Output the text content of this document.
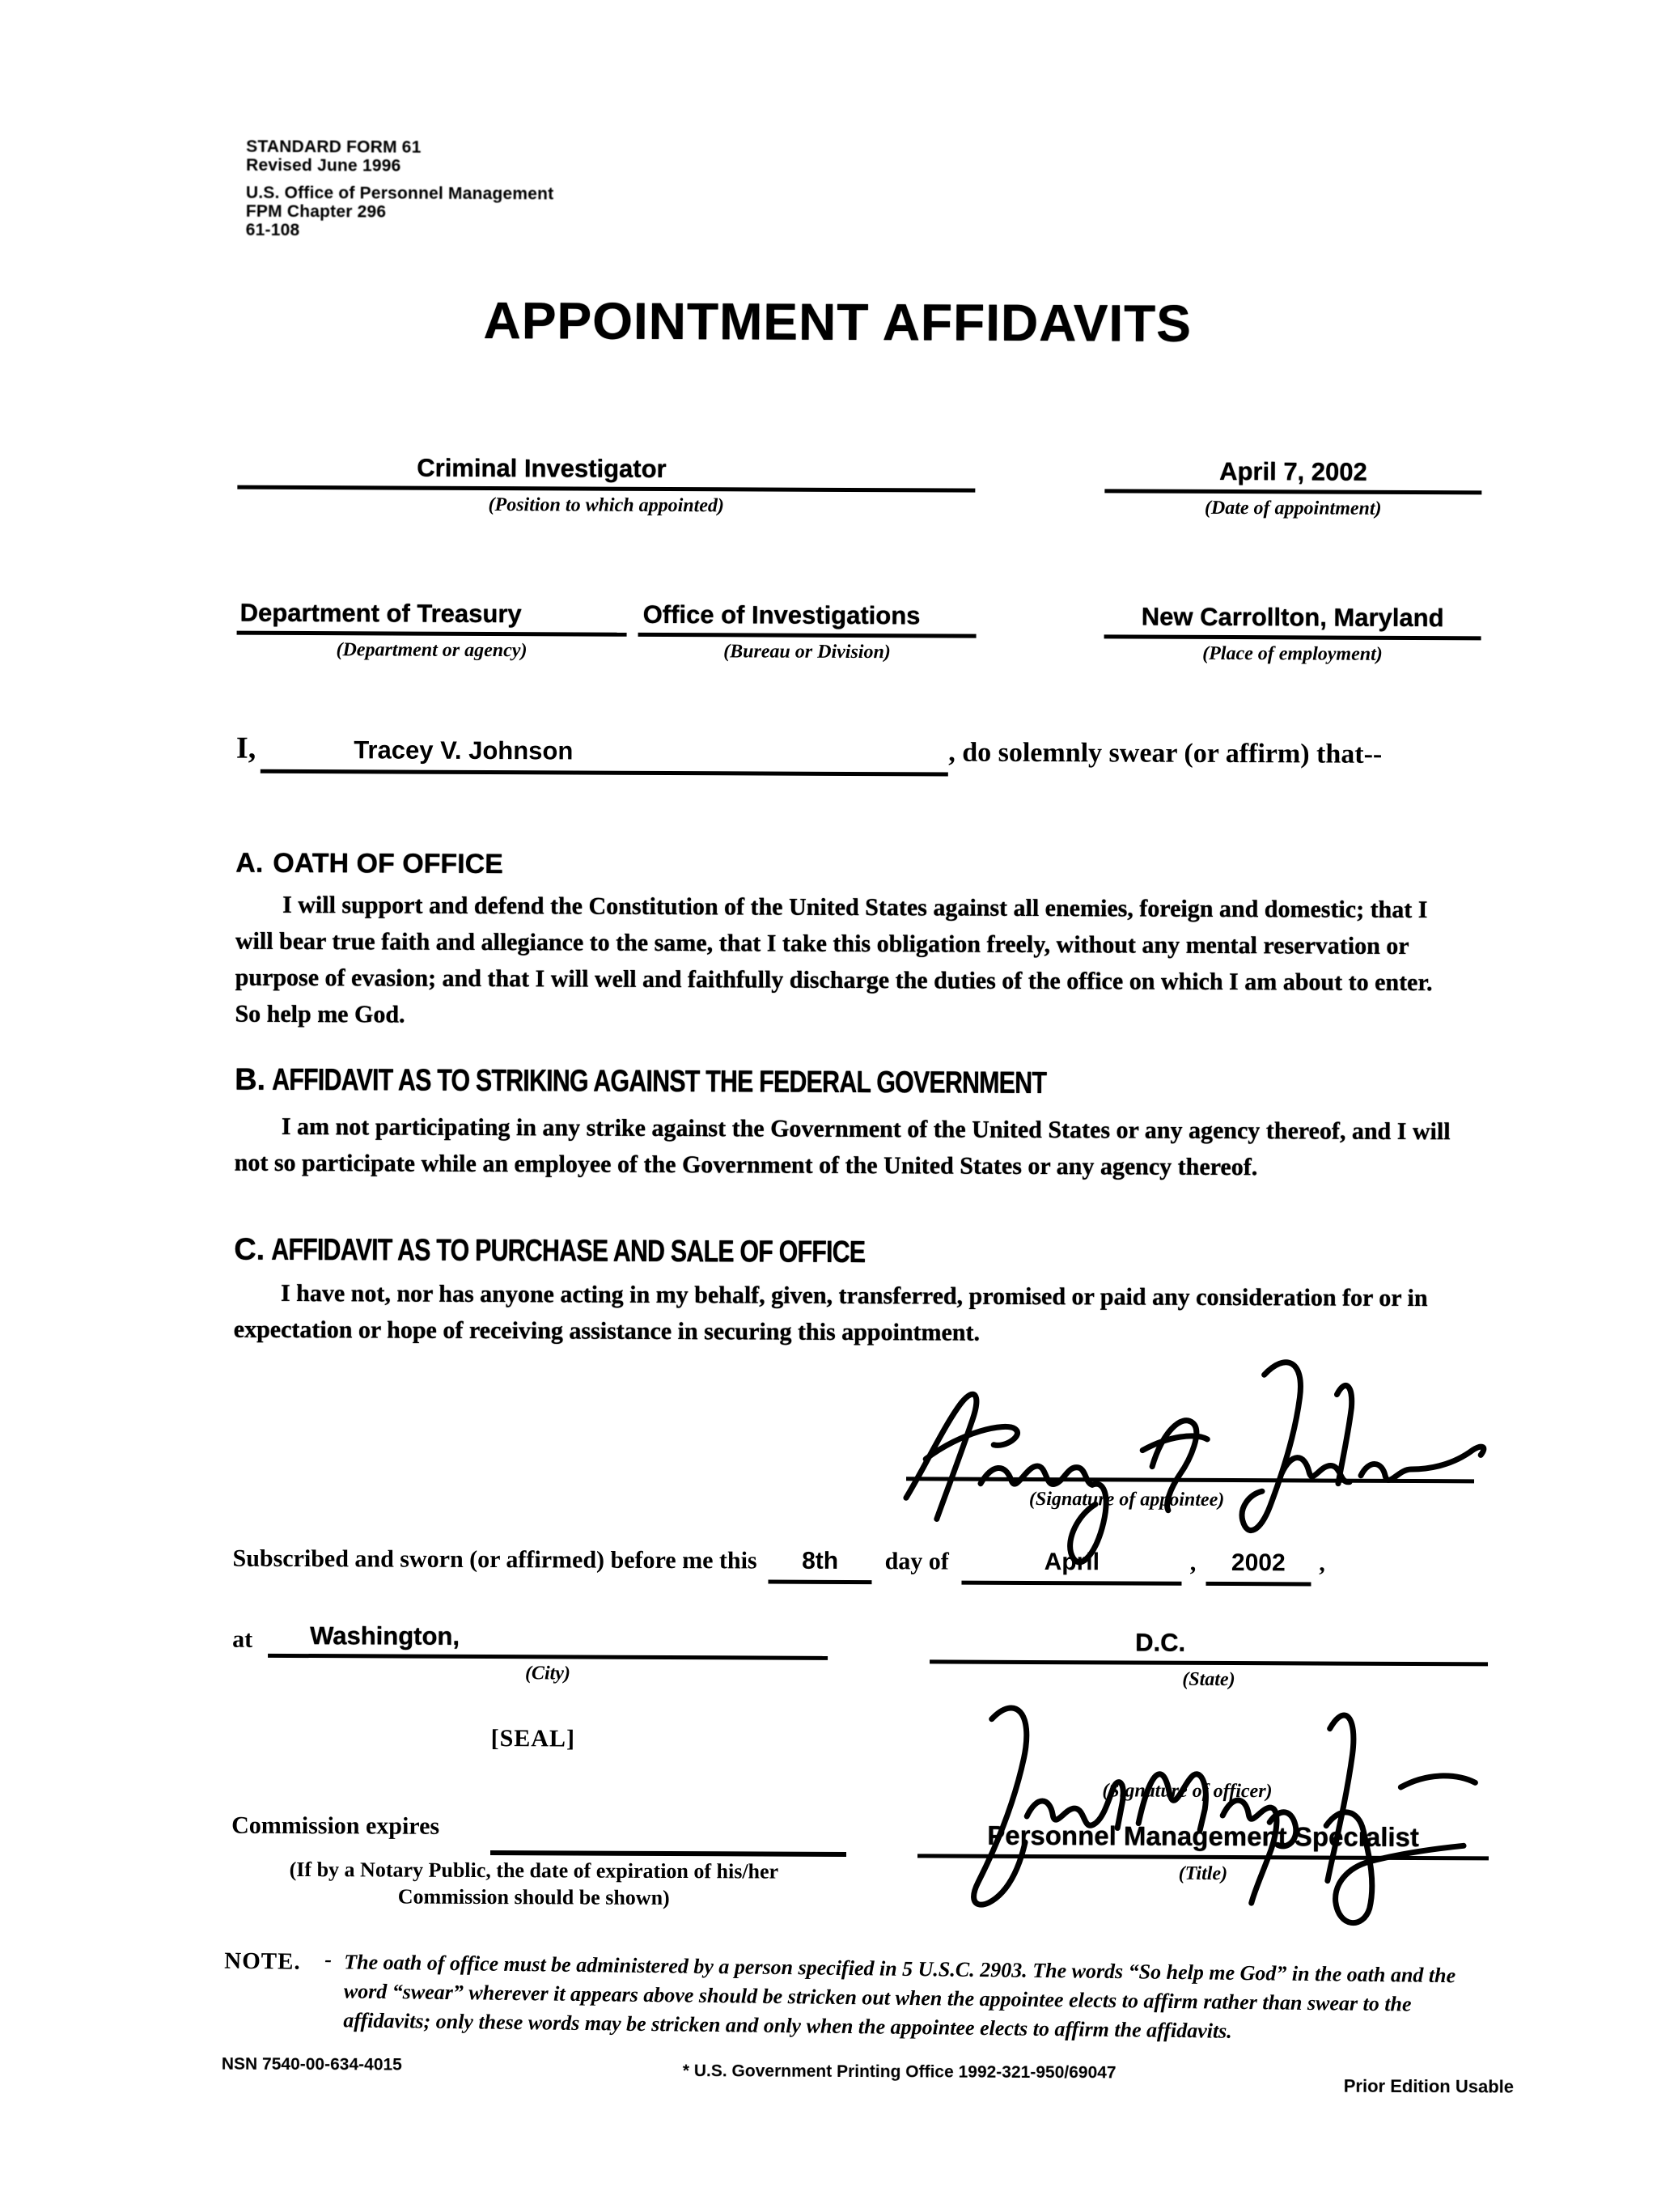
STANDARD FORM 61
Revised June 1996
U.S. Office of Personnel Management
FPM Chapter 296
61-108
APPOINTMENT AFFIDAVITS
Criminal Investigator
(Position to which appointed)
April 7, 2002
(Date of appointment)
Department of Treasury
(Department or agency)
Office of Investigations
(Bureau or Division)
New Carrollton, Maryland
(Place of employment)
I,	Tracey V. Johnson	, do solemnly swear (or affirm) that--
A. OATH OF OFFICE
I will support and defend the Constitution of the United States against all enemies, foreign and domestic; that I will bear true faith and allegiance to the same, that I take this obligation freely, without any mental reservation or purpose of evasion; and that I will well and faithfully discharge the duties of the office on which I am about to enter. So help me God.
B. AFFIDAVIT AS TO STRIKING AGAINST THE FEDERAL GOVERNMENT
I am not participating in any strike against the Government of the United States or any agency thereof, and I will not so participate while an employee of the Government of the United States or any agency thereof.
C. AFFIDAVIT AS TO PURCHASE AND SALE OF OFFICE
I have not, nor has anyone acting in my behalf, given, transferred, promised or paid any consideration for or in expectation or hope of receiving assistance in securing this appointment.
(Signature of appointee)
Subscribed and sworn (or affirmed) before me this 8th day of	April	, 2002 ,
at	Washington,
(City)
D.C.
(State)
[SEAL]
(Signature of officer)
Commission expires
(If by a Notary Public, the date of expiration of his/her
Commission should be shown)
Personnel Management Specialist
(Title)
NOTE. - The oath of office must be administered by a person specified in 5 U.S.C. 2903. The words “So help me God” in the oath and the word “swear” wherever it appears above should be stricken out when the appointee elects to affirm rather than swear to the affidavits; only these words may be stricken and only when the appointee elects to affirm the affidavits.
NSN 7540-00-634-4015	* U.S. Government Printing Office 1992-321-950/69047
Prior Edition Usable
